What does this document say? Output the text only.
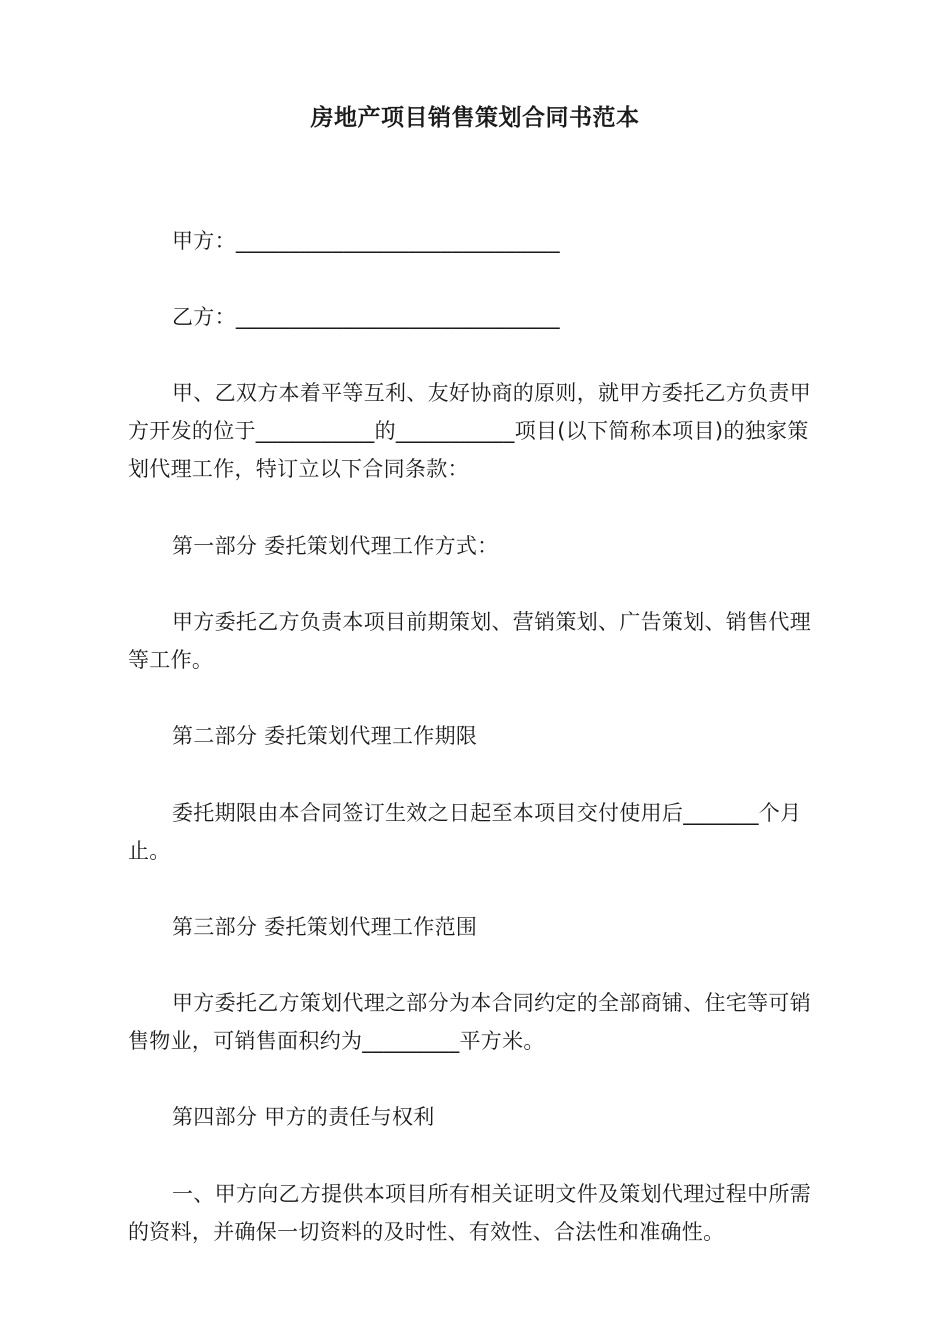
房地产项目销售策划合同书范本

甲方：______________________________

乙方：______________________________

甲、乙双方本着平等互利、友好协商的原则，就甲方委托乙方负责甲方开发的位于___________的___________项目(以下简称本项目)的独家策划代理工作，特订立以下合同条款：

第一部分 委托策划代理工作方式：

甲方委托乙方负责本项目前期策划、营销策划、广告策划、销售代理等工作。

第二部分 委托策划代理工作期限

委托期限由本合同签订生效之日起至本项目交付使用后_______个月止。

第三部分 委托策划代理工作范围

甲方委托乙方策划代理之部分为本合同约定的全部商铺、住宅等可销售物业，可销售面积约为_________平方米。

第四部分 甲方的责任与权利

一、甲方向乙方提供本项目所有相关证明文件及策划代理过程中所需的资料，并确保一切资料的及时性、有效性、合法性和准确性。
